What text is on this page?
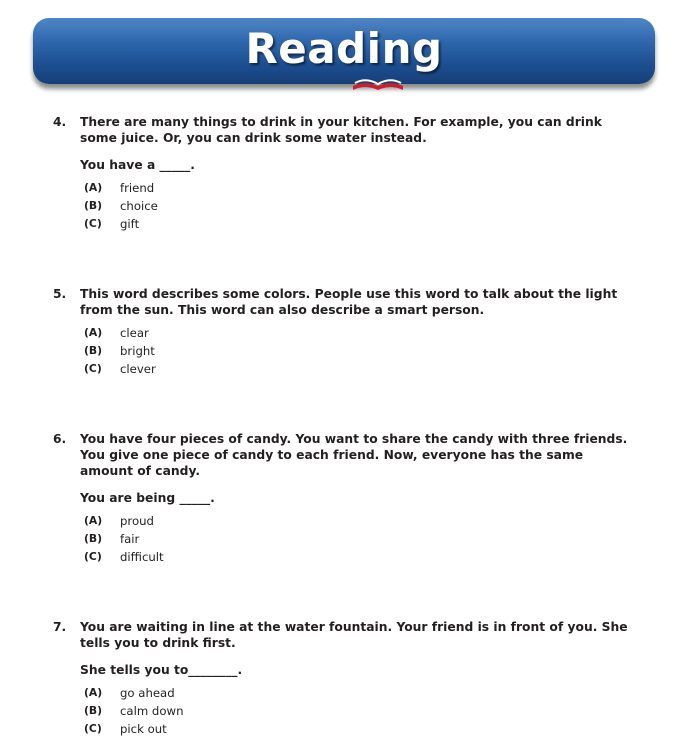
Reading
4. There are many things to drink in your kitchen. For example, you can drink some juice. Or, you can drink some water instead.
You have a _____.
(A)	friend
(B)	choice
(C)	gift
5. This word describes some colors. People use this word to talk about the light from the sun. This word can also describe a smart person.
(A)	clear
(B)	bright
(C)	clever
6. You have four pieces of candy. You want to share the candy with three friends. You give one piece of candy to each friend. Now, everyone has the same amount of candy.
You are being _____.
(A)	proud
(B)	fair
(C)	difficult
7. You are waiting in line at the water fountain. Your friend is in front of you. She tells you to drink first.
She tells you to________.
(A)	go ahead
(B)	calm down
(C)	pick out
